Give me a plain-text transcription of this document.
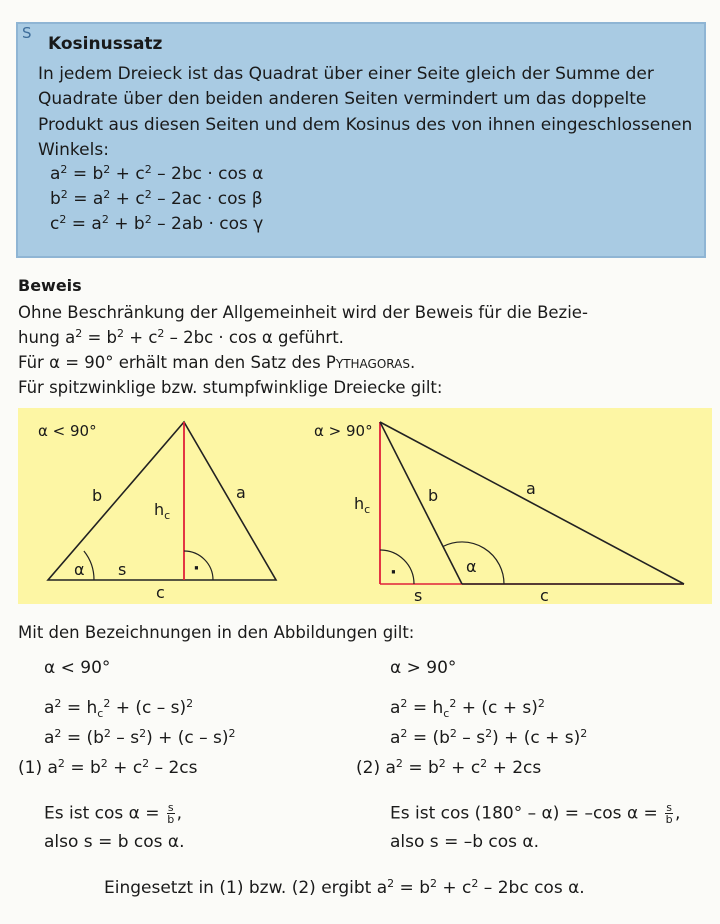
S
Kosinussatz
In jedem Dreieck ist das Quadrat über einer Seite gleich der Summe der Quadrate über den beiden anderen Seiten vermindert um das doppelte Produkt aus diesen Seiten und dem Kosinus des von ihnen eingeschlossenen Winkels:
$a^2 = b^2 + c^2 - 2bc \cdot \cos \alpha$
$b^2 = a^2 + c^2 - 2ac \cdot \cos \beta$
$c^2 = a^2 + b^2 - 2ab \cdot \cos \gamma$
Beweis
Ohne Beschränkung der Allgemeinheit wird der Beweis für die Bezie-
hung $a^2 = b^2 + c^2 - 2bc \cdot \cos \alpha$ geführt.
Für α = 90° erhält man den Satz des Pythagoras.
Für spitzwinklige bzw. stumpfwinklige Dreiecke gilt:
α < 90°
b	a
$h_c$
α s
c
·
α > 90°
$h_c$
b	a
α
·
s	c
Mit den Bezeichnungen in den Abbildungen gilt:
α < 90°
$a^2 = h_c^2 + (c - s)^2$
$a^2 = (b^2 - s^2) + (c - s)^2$
(1) $a^2 = b^2 + c^2 - 2cs$
Es ist $\cos \alpha = \frac{s}{b}$ ,
also s = b cos α.
α > 90°
$a^2 = h_c^2 + (c + s)^2$
$a^2 = (b^2 - s^2) + (c + s)^2$
(2) $a^2 = b^2 + c^2 + 2cs$
Es ist cos (180° – α) = –cos $\alpha = \frac{s}{b}$ ,
also s = –b cos α.
Eingesetzt in (1) bzw. (2) ergibt $a^2 = b^2 + c^2 - 2bc$ cos α.
